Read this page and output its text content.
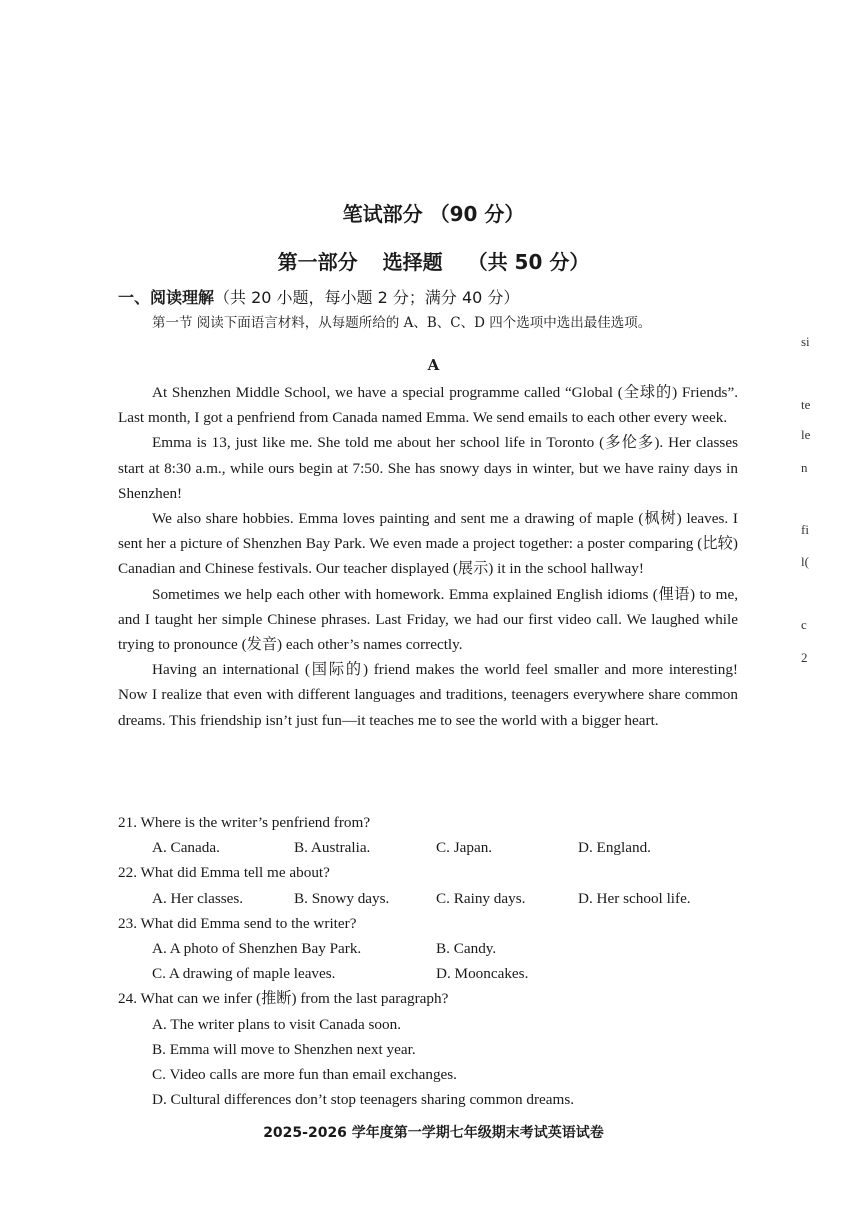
笔试部分 （90 分）
第一部分 选择题 （共 50 分）
一、阅读理解（共 20 小题，每小题 2 分；满分 40 分）
第一节 阅读下面语言材料，从每题所给的 A、B、C、D 四个选项中选出最佳选项。
A

At Shenzhen Middle School, we have a special programme called “Global (全球的) Friends”. Last month, I got a penfriend from Canada named Emma. We send emails to each other every week.

Emma is 13, just like me. She told me about her school life in Toronto (多伦多). Her classes start at 8:30 a.m., while ours begin at 7:50. She has snowy days in winter, but we have rainy days in Shenzhen!

We also share hobbies. Emma loves painting and sent me a drawing of maple (枫树) leaves. I sent her a picture of Shenzhen Bay Park. We even made a project together: a poster comparing (比较) Canadian and Chinese festivals. Our teacher displayed (展示) it in the school hallway!

Sometimes we help each other with homework. Emma explained English idioms (俚语) to me, and I taught her simple Chinese phrases. Last Friday, we had our first video call. We laughed while trying to pronounce (发音) each other’s names correctly.

Having an international (国际的) friend makes the world feel smaller and more interesting! Now I realize that even with different languages and traditions, teenagers everywhere share common dreams. This friendship isn’t just fun—it teaches me to see the world with a bigger heart.

21. Where is the writer’s penfriend from?

A. Canada.	B. Australia.	C. Japan.	D. England.

22. What did Emma tell me about?

A. Her classes.	B. Snowy days.	C. Rainy days.	D. Her school life.

23. What did Emma send to the writer?

A. A photo of Shenzhen Bay Park.	B. Candy.
C. A drawing of maple leaves.	D. Mooncakes.

24. What can we infer (推断) from the last paragraph?

A. The writer plans to visit Canada soon.
B. Emma will move to Shenzhen next year.
C. Video calls are more fun than email exchanges.
D. Cultural differences don’t stop teenagers sharing common dreams.
2025-2026 学年度第一学期七年级期末考试英语试卷
si
te
le
n
fi
l(
c
2
